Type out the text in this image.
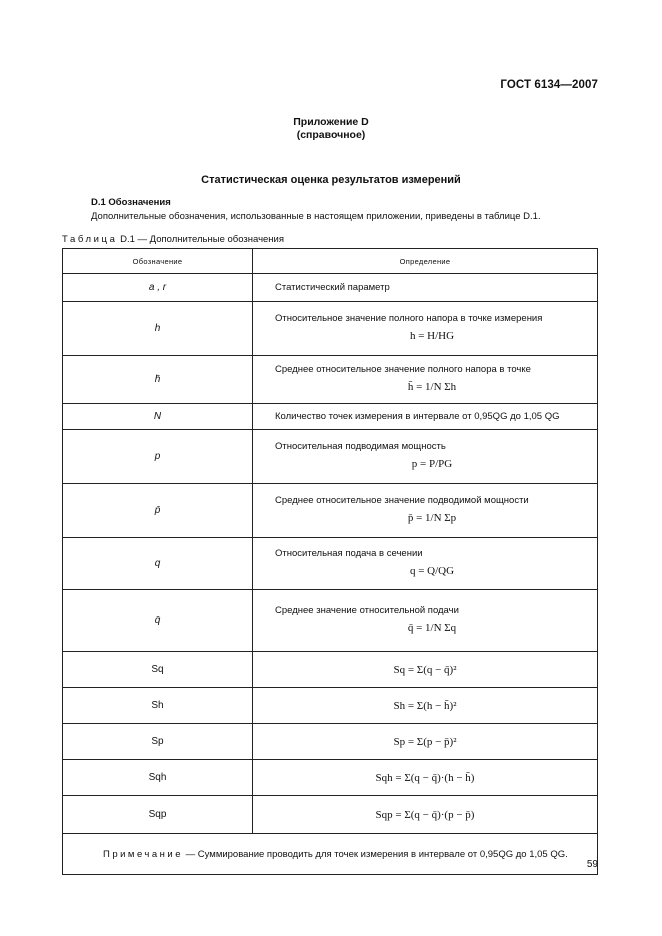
ГОСТ 6134—2007
Приложение D
(справочное)
Статистическая оценка результатов измерений
D.1 Обозначения
Дополнительные обозначения, использованные в настоящем приложении, приведены в таблице D.1.
Таблица D.1 — Дополнительные обозначения
Обозначение	Определение
a , r	Статистический параметр
h	Относительное значение полного напора в точке измерения
h = H/HG

h̄	Среднее относительное значение полного напора в точке
h̄ = 1/N Σh

N	Количество точек измерения в интервале от 0,95QG до 1,05 QG
p	Относительная подводимая мощность
p = P/PG

p̄	Среднее относительное значение подводимой мощности
p̄ = 1/N Σp

q	Относительная подача в сечении
q = Q/QG

q̄	Среднее значение относительной подачи
q̄ = 1/N Σq

Sq	Sq = Σ(q − q̄)²
Sh	Sh = Σ(h − h̄)²
Sp	Sp = Σ(p − p̄)²
Sqh	Sqh = Σ(q − q̄)·(h − h̄)
Sqp	Sqp = Σ(q − q̄)·(p − p̄)
Примечание — Суммирование проводить для точек измерения в интервале от 0,95QG до 1,05 QG.	
59
